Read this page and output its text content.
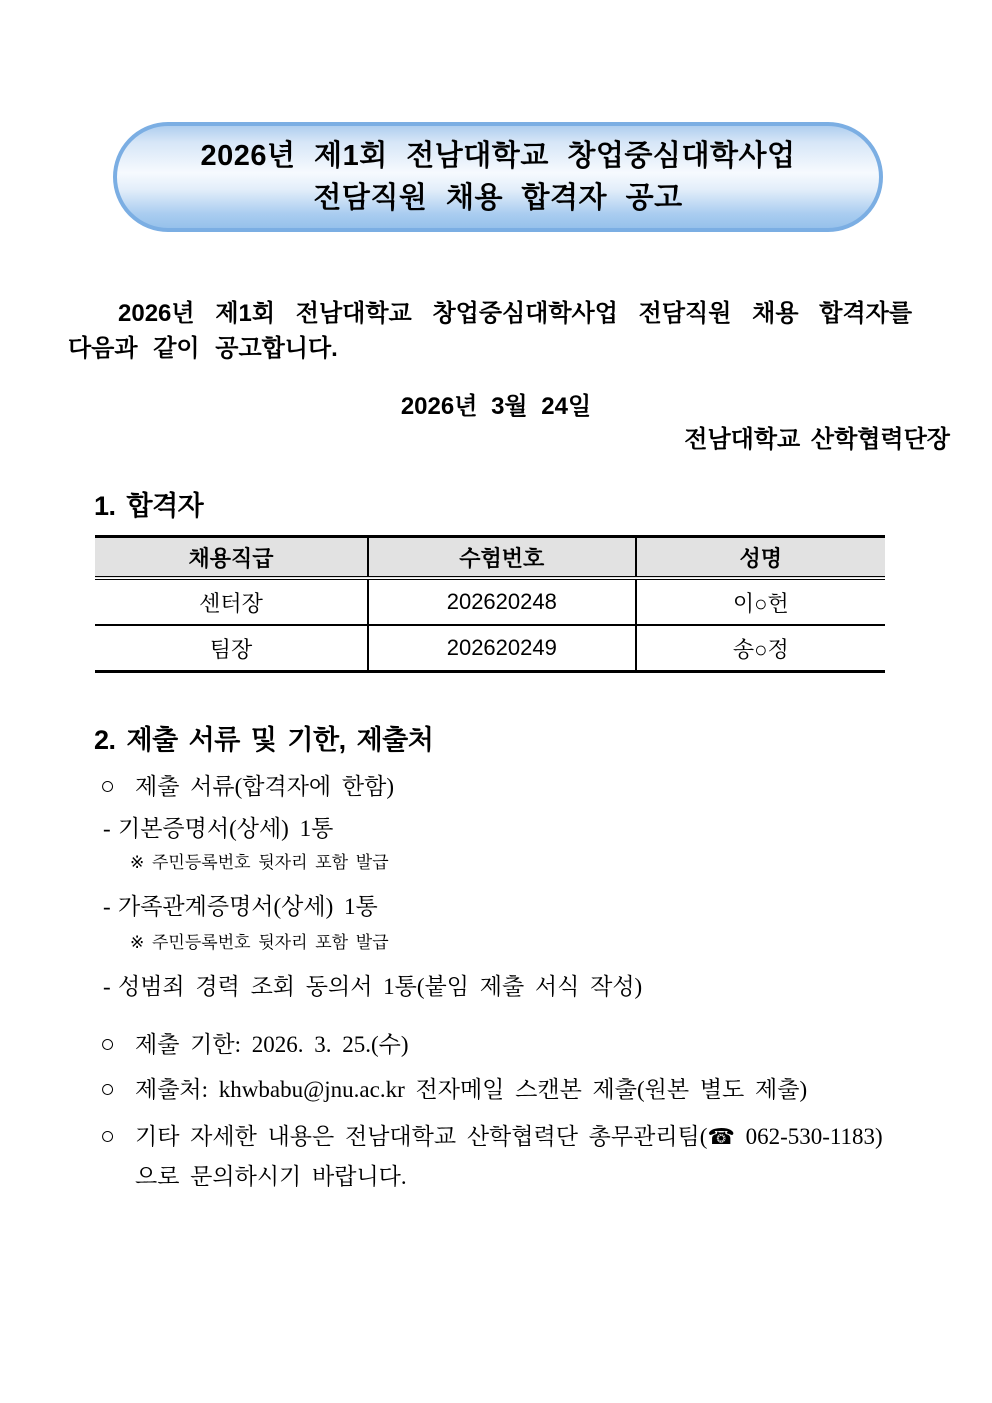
2026년 제1회 전남대학교 창업중심대학사업
전담직원 채용 합격자 공고

2026년 제1회 전남대학교 창업중심대학사업 전담직원 채용 합격자를 다음과 같이 공고합니다.

2026년 3월 24일
전남대학교 산학협력단장
1. 합격자
채용직급	수험번호	성명
센터장	202620248	이○헌
팀장	202620249	송○정
2. 제출 서류 및 기한, 제출처
○ 제출 서류(합격자에 한함)
- 기본증명서(상세) 1통
※ 주민등록번호 뒷자리 포함 발급
- 가족관계증명서(상세) 1통
※ 주민등록번호 뒷자리 포함 발급
- 성범죄 경력 조회 동의서 1통(붙임 제출 서식 작성)
○ 제출 기한: 2026. 3. 25.(수)
○ 제출처: khwbabu@jnu.ac.kr 전자메일 스캔본 제출(원본 별도 제출)
○ 기타 자세한 내용은 전남대학교 산학협력단 총무관리팀(☎ 062-530-1183)
으로 문의하시기 바랍니다.
